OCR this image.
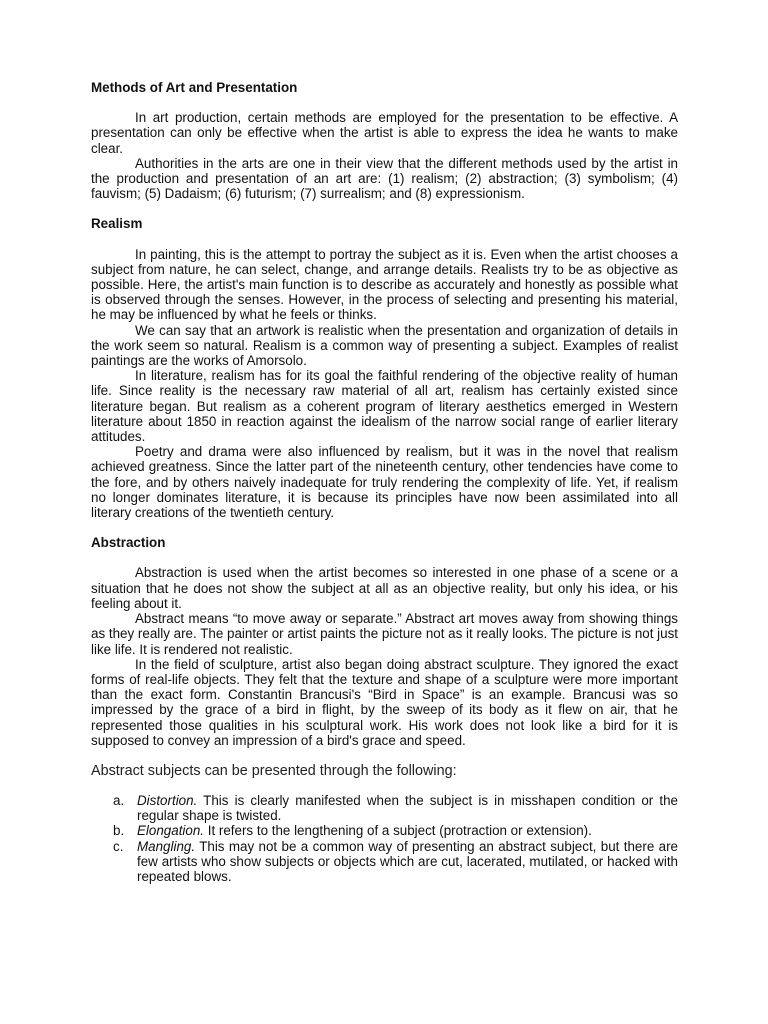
Methods of Art and Presentation

In art production, certain methods are employed for the presentation to be effective. A presentation can only be effective when the artist is able to express the idea he wants to make clear.

Authorities in the arts are one in their view that the different methods used by the artist in the production and presentation of an art are: (1) realism; (2) abstraction; (3) symbolism; (4) fauvism; (5) Dadaism; (6) futurism; (7) surrealism; and (8) expressionism.

Realism

In painting, this is the attempt to portray the subject as it is. Even when the artist chooses a subject from nature, he can select, change, and arrange details. Realists try to be as objective as possible. Here, the artist's main function is to describe as accurately and honestly as possible what is observed through the senses. However, in the process of selecting and presenting his material, he may be influenced by what he feels or thinks.

We can say that an artwork is realistic when the presentation and organization of details in the work seem so natural. Realism is a common way of presenting a subject. Examples of realist paintings are the works of Amorsolo.

In literature, realism has for its goal the faithful rendering of the objective reality of human life. Since reality is the necessary raw material of all art, realism has certainly existed since literature began. But realism as a coherent program of literary aesthetics emerged in Western literature about 1850 in reaction against the idealism of the narrow social range of earlier literary attitudes.

Poetry and drama were also influenced by realism, but it was in the novel that realism achieved greatness. Since the latter part of the nineteenth century, other tendencies have come to the fore, and by others naively inadequate for truly rendering the complexity of life. Yet, if realism no longer dominates literature, it is because its principles have now been assimilated into all literary creations of the twentieth century.

Abstraction

Abstraction is used when the artist becomes so interested in one phase of a scene or a situation that he does not show the subject at all as an objective reality, but only his idea, or his feeling about it.

Abstract means “to move away or separate.” Abstract art moves away from showing things as they really are. The painter or artist paints the picture not as it really looks. The picture is not just like life. It is rendered not realistic.

In the field of sculpture, artist also began doing abstract sculpture. They ignored the exact forms of real-life objects. They felt that the texture and shape of a sculpture were more important than the exact form. Constantin Brancusi's “Bird in Space” is an example. Brancusi was so impressed by the grace of a bird in flight, by the sweep of its body as it flew on air, that he represented those qualities in his sculptural work. His work does not look like a bird for it is supposed to convey an impression of a bird's grace and speed.

Abstract subjects can be presented through the following:

a. Distortion. This is clearly manifested when the subject is in misshapen condition or the regular shape is twisted.
b. Elongation. It refers to the lengthening of a subject (protraction or extension).
c. Mangling. This may not be a common way of presenting an abstract subject, but there are few artists who show subjects or objects which are cut, lacerated, mutilated, or hacked with repeated blows.
